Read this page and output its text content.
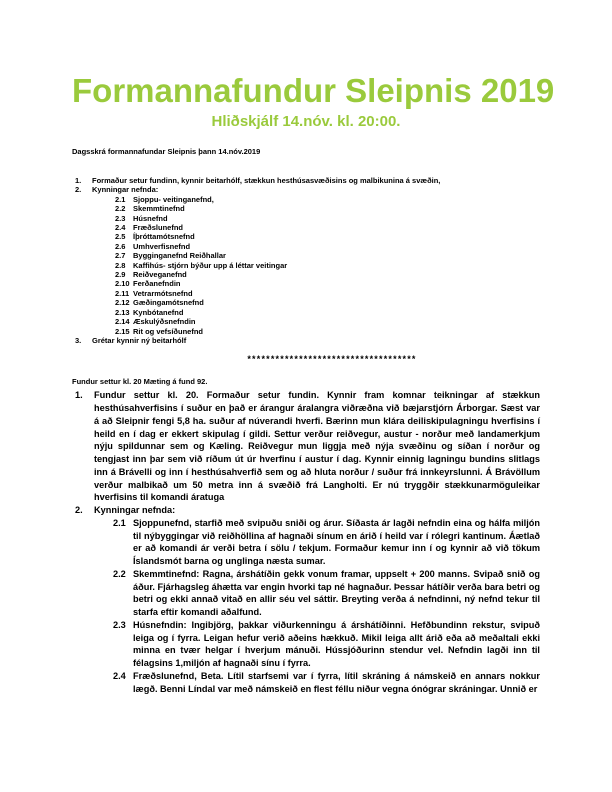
Formannafundur Sleipnis 2019
Hliðskjálf 14.nóv. kl. 20:00.
Dagsskrá formannafundar Sleipnis þann 14.nóv.2019
1.	Formaður setur fundinn, kynnir beitarhólf, stækkun hesthúsasvæðisins og malbikunina á svæðin,
2.	Kynningar nefnda:
2.1	Sjoppu- veitinganefnd,
2.2	Skemmtinefnd
2.3	Húsnefnd
2.4	Fræðslunefnd
2.5	Íþróttamótsnefnd
2.6	Umhverfisnefnd
2.7	Bygginganefnd Reiðhallar
2.8	Kaffihús- stjórn býður upp á léttar veitingar
2.9	Reiðveganefnd
2.10 Ferðanefndin
2.11 Vetrarmótsnefnd
2.12 Gæðingamótsnefnd
2.13 Kynbótanefnd
2.14 Æskulýðsnefndin
2.15 Rit og vefsíðunefnd
3.	Grétar kynnir ný beitarhólf
************************************
Fundur settur kl. 20 Mæting á fund 92.
1.	Fundur settur kl. 20. Formaður setur fundin. Kynnir fram komnar teikningar af stækkun hesthúsahverfisins í suður en það er árangur áralangra viðræðna við bæjarstjórn Árborgar. Sæst var á að Sleipnir fengi 5,8 ha. suður af núverandi hverfi. Bærinn mun klára deiliskipulagningu hverfisins í heild en í dag er ekkert skipulag í gildi. Settur verður reiðvegur, austur - norður með landamerkjum nýju spildunnar sem og Kæling. Reiðvegur mun liggja með nýja svæðinu og síðan í norður og tengjast inn þar sem við ríðum út úr hverfinu í austur í dag. Kynnir einnig lagningu bundins slitlags inn á Brávelli og inn í hesthúsahverfið sem og að hluta norður / suður frá innkeyrslunni. Á Brávöllum verður malbikað um 50 metra inn á svæðið frá Langholti. Er nú tryggðir stækkunarmöguleikar hverfisins til komandi áratuga
2.	Kynningar nefnda:
2.1 Sjoppunefnd, starfið með svipuðu sniði og árur. Síðasta ár lagði nefndin eina og hálfa miljón til nýbyggingar við reiðhöllina af hagnaði sínum en árið í heild var í rólegri kantinum. Áætlað er að komandi ár verði betra í sölu / tekjum. Formaður kemur inn í og kynnir að við tökum Íslandsmót barna og unglinga næsta sumar.
2.2 Skemmtinefnd: Ragna, árshátíðin gekk vonum framar, uppselt + 200 manns. Svipað snið og áður. Fjárhagsleg áhætta var engin hvorki tap né hagnaður. Þessar hátíðir verða bara betri og betri og ekki annað vitað en allir séu vel sáttir. Breyting verða á nefndinni, ný nefnd tekur til starfa eftir komandi aðalfund.
2.3 Húsnefndin: Ingibjörg, þakkar viðurkenningu á árshátíðinni. Hefðbundinn rekstur, svipuð leiga og í fyrra. Leigan hefur verið aðeins hækkuð. Mikil leiga allt árið eða að meðaltali ekki minna en tvær helgar í hverjum mánuði. Hússjóðurinn stendur vel. Nefndin lagði inn til félagsins 1,miljón af hagnaði sínu í fyrra.
2.4 Fræðslunefnd, Beta. Lítil starfsemi var í fyrra, lítil skráning á námskeið en annars nokkur lægð. Benni Líndal var með námskeið en flest féllu niður vegna ónógrar skráningar. Unnið er
